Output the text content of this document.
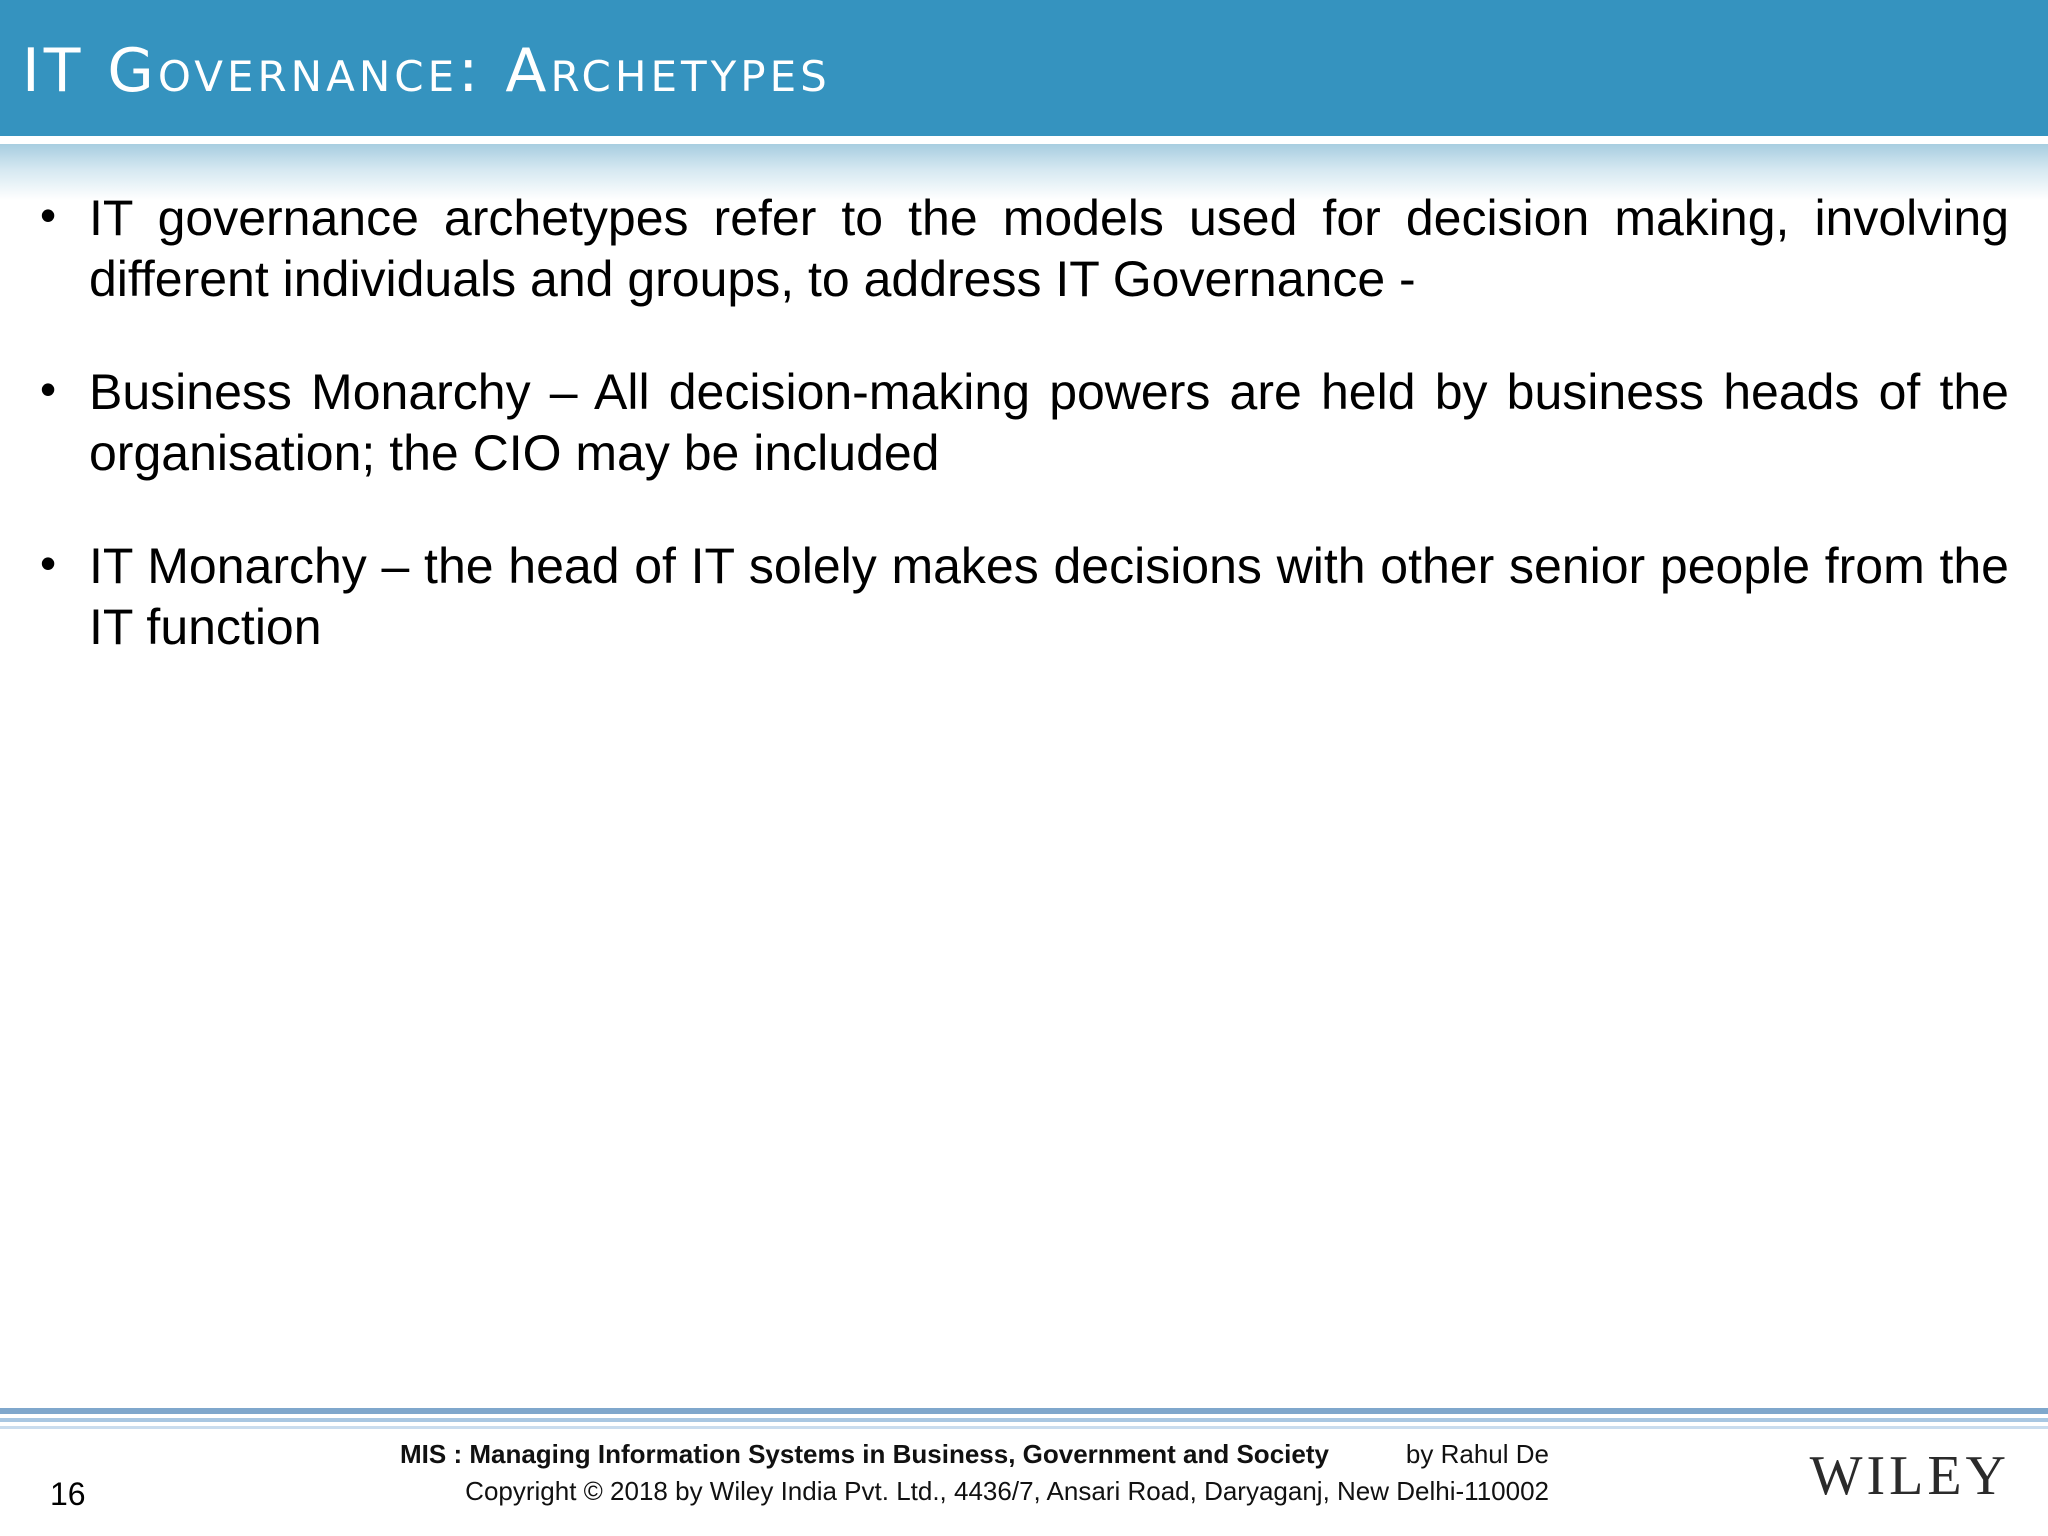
IT Governance: Archetypes
• IT governance archetypes refer to the models used for decision making, involving different individuals and groups, to address IT Governance -

• Business Monarchy – All decision-making powers are held by business heads of the organisation; the CIO may be included

• IT Monarchy – the head of IT solely makes decisions with other senior people from the IT function

16
MIS : Managing Information Systems in Business, Government and Society	by Rahul De
Copyright © 2018 by Wiley India Pvt. Ltd., 4436/7, Ansari Road, Daryaganj, New Delhi-110002	WILEY
